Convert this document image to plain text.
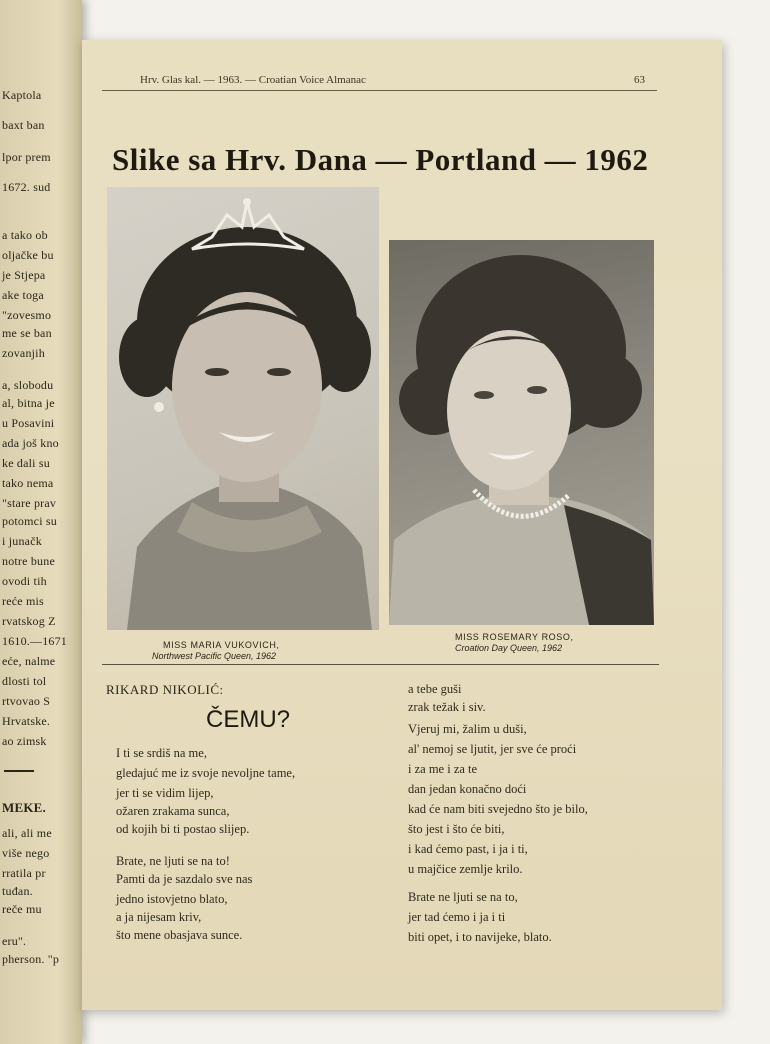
Kaptola
baxt ban
lpor prem
1672. sud
a tako ob
oljačke bu
je Stjepa
ake toga
"zovesmo
me se ban
zovanjih
a, slobodu
al, bitna je
u Posavini
ada još kno
ke dali su
tako nema
"stare prav
potomci su
i junačk
notre bune
ovodi tih
reće mis
rvatskog Z
1610.—1671
eće, nalme
dlosti tol
rtvovao S
Hrvatske.
ao zimsk
MEKE.
ali, ali me
više nego
rratila pr
tuđan.
reče mu
eru".
pherson. "p
Hrv. Glas kal. — 1963. — Croatian Voice Almanac	63
Slike sa Hrv. Dana — Portland — 1962
MISS MARIA VUKOVICH,
Northwest Pacific Queen, 1962
MISS ROSEMARY ROSO,
Croation Day Queen, 1962
RIKARD NIKOLIĆ:
ČEMU?
I ti se srdiš na me,
gledajuć me iz svoje nevoljne tame,
jer ti se vidim lijep,
ožaren zrakama sunca,
od kojih bi ti postao slijep.
Brate, ne ljuti se na to!
Pamti da je sazdalo sve nas
jedno istovjetno blato,
a ja nijesam kriv,
što mene obasjava sunce.
a tebe guši
zrak težak i siv.
Vjeruj mi, žalim u duši,
al' nemoj se ljutit, jer sve će proći
i za me i za te
dan jedan konačno doći
kad će nam biti svejedno što je bilo,
što jest i što će biti,
i kad ćemo past, i ja i ti,
u majčice zemlje krilo.
Brate ne ljuti se na to,
jer tad ćemo i ja i ti
biti opet, i to navijeke, blato.
